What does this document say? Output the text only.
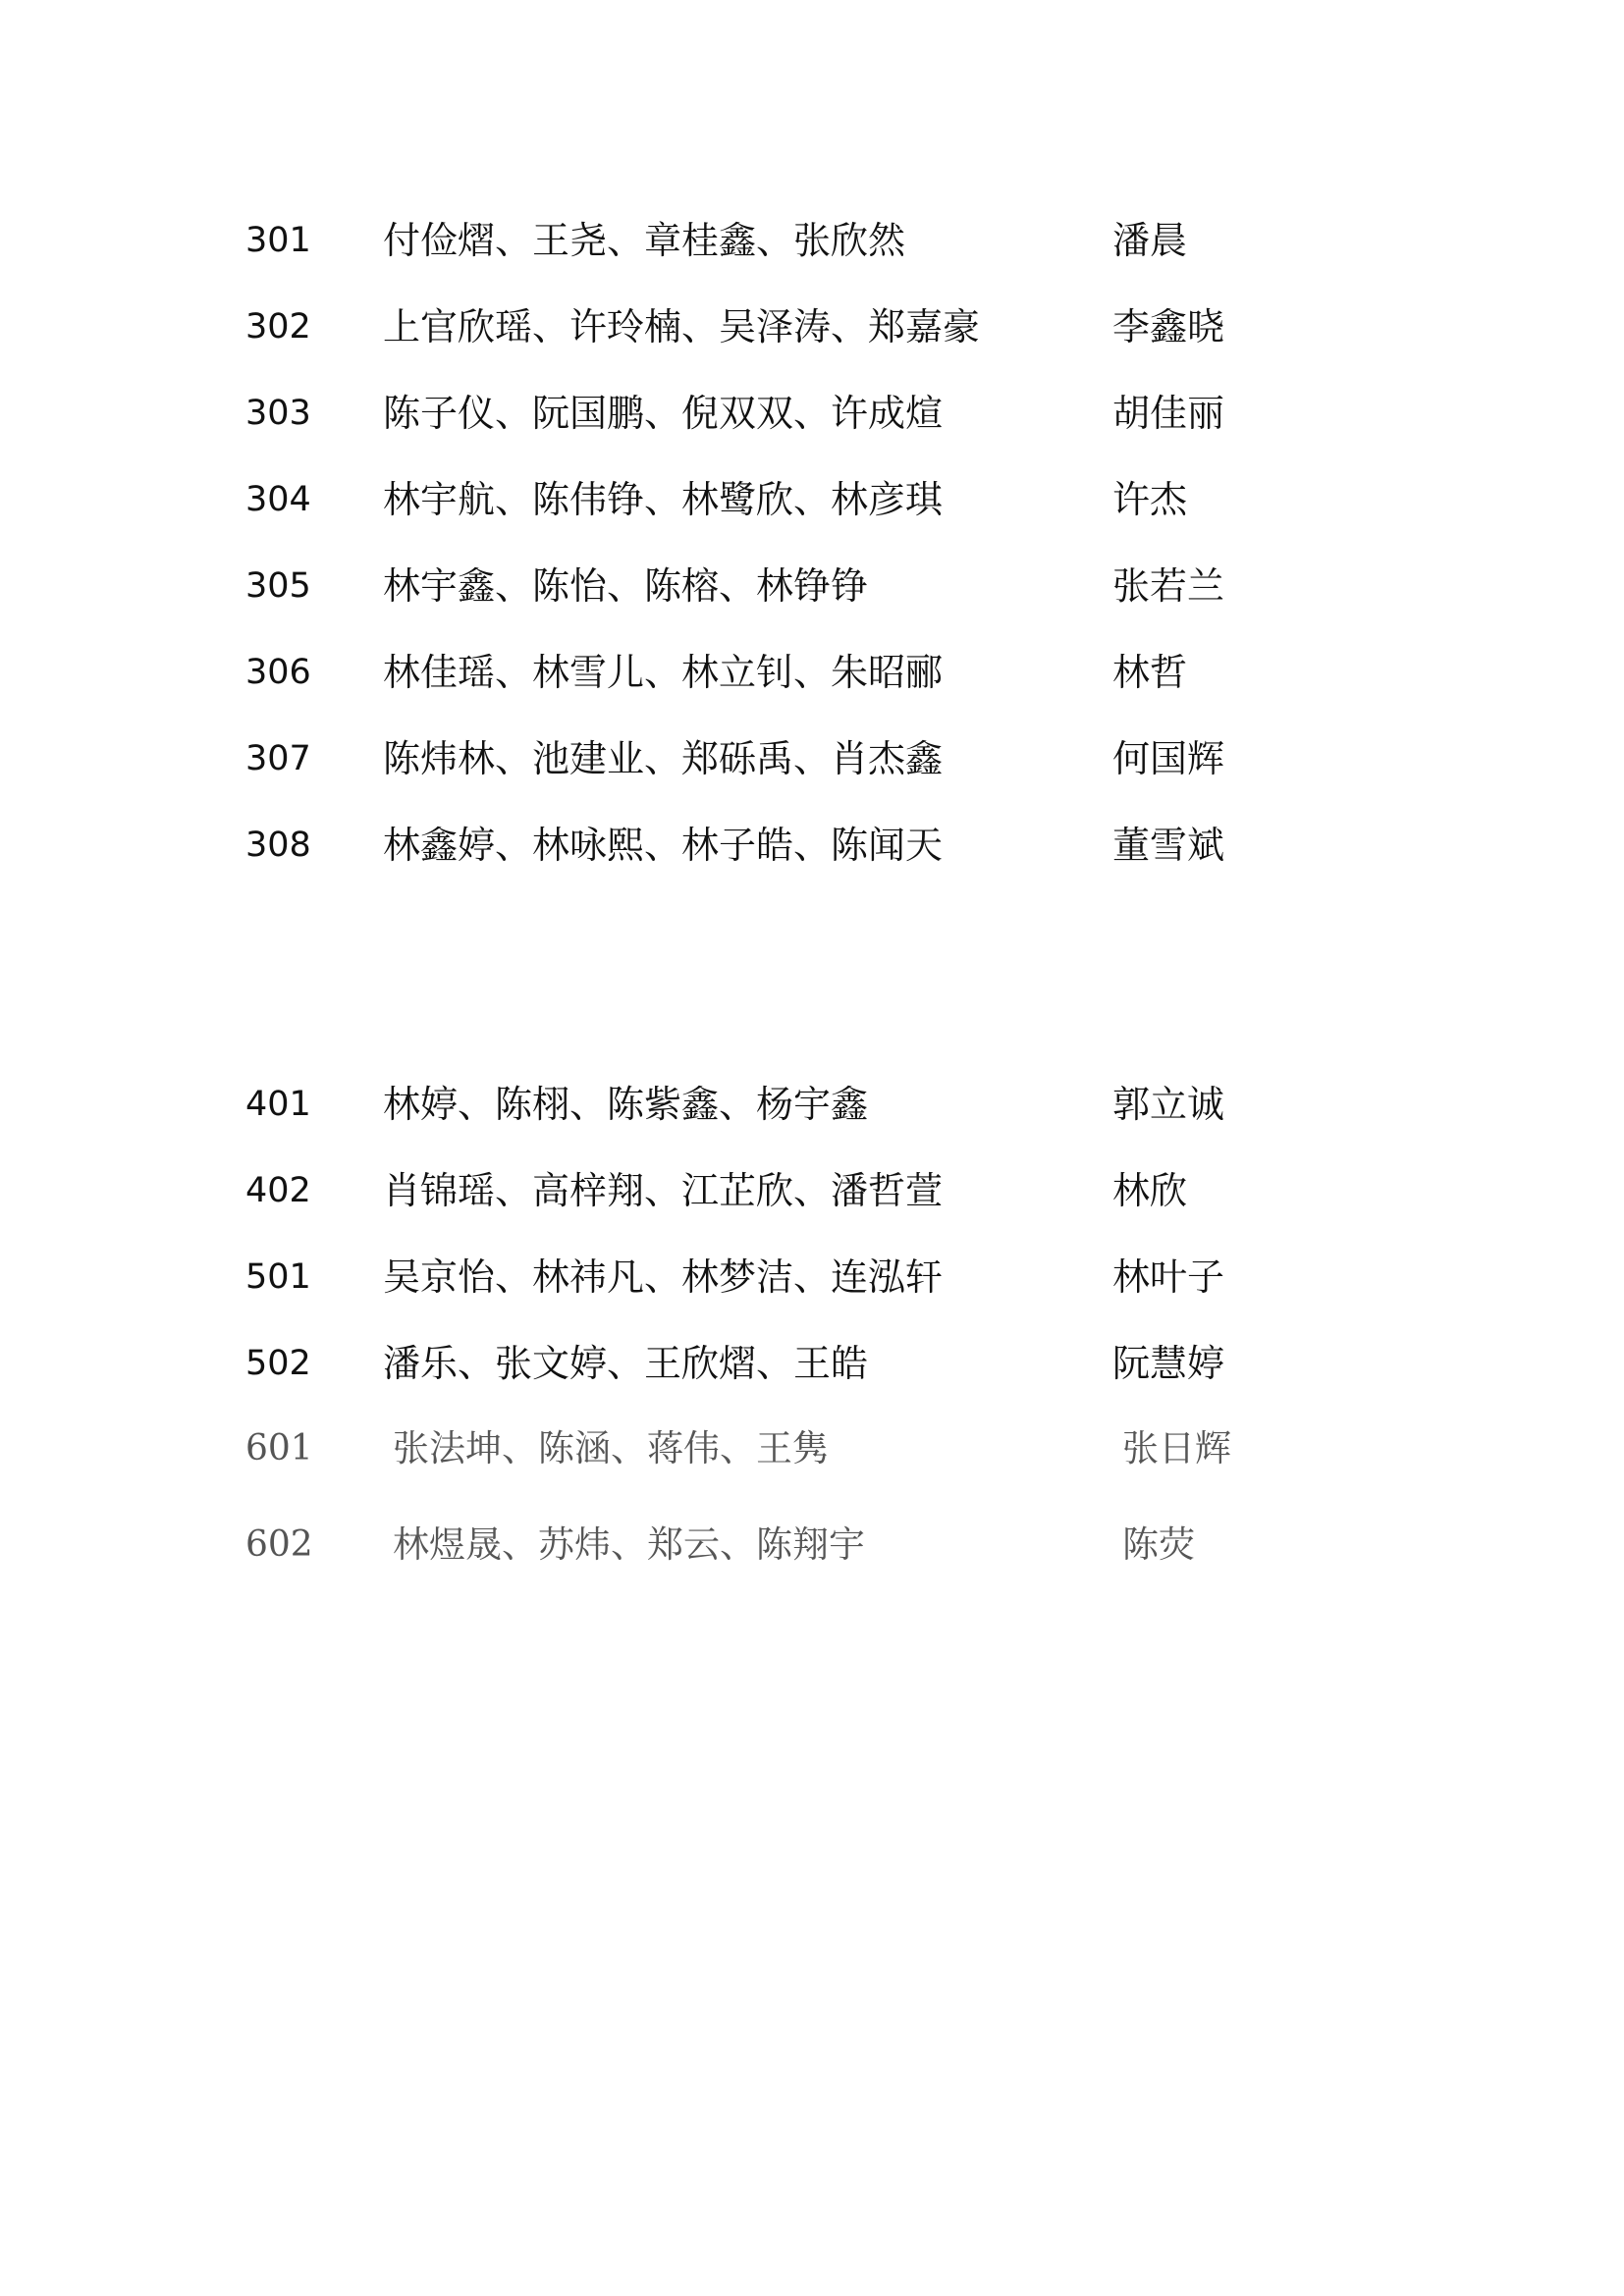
301 付俭熠、王尧、章桂鑫、张欣然	潘晨
302 上官欣瑶、许玲楠、吴泽涛、郑嘉豪	李鑫晓
303 陈子仪、阮国鹏、倪双双、许成煊	胡佳丽
304 林宇航、陈伟铮、林鹭欣、林彦琪	许杰
305 林宇鑫、陈怡、陈榕、林铮铮	张若兰
306 林佳瑶、林雪儿、林立钊、朱昭郦	林哲
307 陈炜林、池建业、郑砾禹、肖杰鑫	何国辉
308 林鑫婷、林咏熙、林子皓、陈闻天	董雪斌
401 林婷、陈栩、陈紫鑫、杨宇鑫	郭立诚
402 肖锦瑶、高梓翔、江芷欣、潘哲萱	林欣
501 吴京怡、林祎凡、林梦洁、连泓轩	林叶子
502 潘乐、张文婷、王欣熠、王皓	阮慧婷
601 张法坤、陈涵、蒋伟、王隽	张日辉
602 林煜晟、苏炜、郑云、陈翔宇	陈荧
